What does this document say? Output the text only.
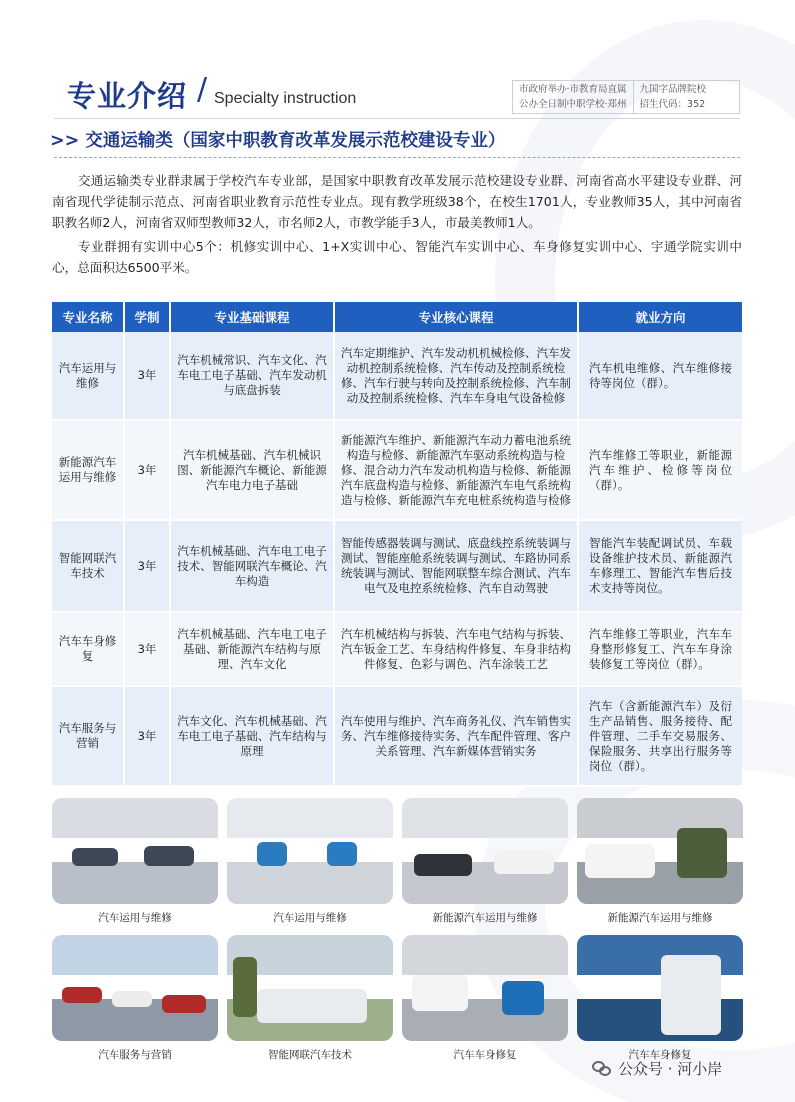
专业介绍 / Specialty instruction
市政府举办·市教育局直属
公办全日制中职学校·郑州
九国字品牌院校
招生代码：352
>> 交通运输类（国家中职教育改革发展示范校建设专业）

交通运输类专业群隶属于学校汽车专业部，是国家中职教育改革发展示范校建设专业群、河南省高水平建设专业群、河南省现代学徒制示范点、河南省职业教育示范性专业点。现有教学班级38个，在校生1701人，专业教师35人，其中河南省职教名师2人，河南省双师型教师32人，市名师2人，市教学能手3人，市最美教师1人。

专业群拥有实训中心5个：机修实训中心、1+X实训中心、智能汽车实训中心、车身修复实训中心、宇通学院实训中心，总面积达6500平米。

专业名称	学制	专业基础课程	专业核心课程	就业方向
汽车运用与维修	3年	汽车机械常识、汽车文化、汽车电工电子基础、汽车发动机与底盘拆装	汽车定期维护、汽车发动机机械检修、汽车发动机控制系统检修、汽车传动及控制系统检修、汽车行驶与转向及控制系统检修、汽车制动及控制系统检修、汽车车身电气设备检修	汽车机电维修、汽车维修接待等岗位（群）。
新能源汽车运用与维修	3年	汽车机械基础、汽车机械识图、新能源汽车概论、新能源汽车电力电子基础	新能源汽车维护、新能源汽车动力蓄电池系统构造与检修、新能源汽车驱动系统构造与检修、混合动力汽车发动机构造与检修、新能源汽车底盘构造与检修、新能源汽车电气系统构造与检修、新能源汽车充电桩系统构造与检修	汽车维修工等职业，新能源汽车维护、检修等岗位（群）。
智能网联汽车技术	3年	汽车机械基础、汽车电工电子技术、智能网联汽车概论、汽车构造	智能传感器装调与测试、底盘线控系统装调与测试、智能座舱系统装调与测试、车路协同系统装调与测试、智能网联整车综合测试、汽车电气及电控系统检修、汽车自动驾驶	智能汽车装配调试员、车载设备维护技术员、新能源汽车修理工、智能汽车售后技术支持等岗位。
汽车车身修复	3年	汽车机械基础、汽车电工电子基础、新能源汽车结构与原理、汽车文化	汽车机械结构与拆装、汽车电气结构与拆装、汽车钣金工艺、车身结构件修复、车身非结构件修复、色彩与调色、汽车涂装工艺	汽车维修工等职业，汽车车身整形修复工、汽车车身涂装修复工等岗位（群）。
汽车服务与营销	3年	汽车文化、汽车机械基础、汽车电工电子基础、汽车结构与原理	汽车使用与维护、汽车商务礼仪、汽车销售实务、汽车维修接待实务、汽车配件管理、客户关系管理、汽车新媒体营销实务	汽车（含新能源汽车）及衍生产品销售、服务接待、配件管理、二手车交易服务、保险服务、共享出行服务等岗位（群）。
汽车运用与维修	汽车运用与维修	新能源汽车运用与维修	新能源汽车运用与维修
汽车服务与营销	智能网联汽车技术	汽车车身修复	汽车车身修复
公众号 · 河小岸
